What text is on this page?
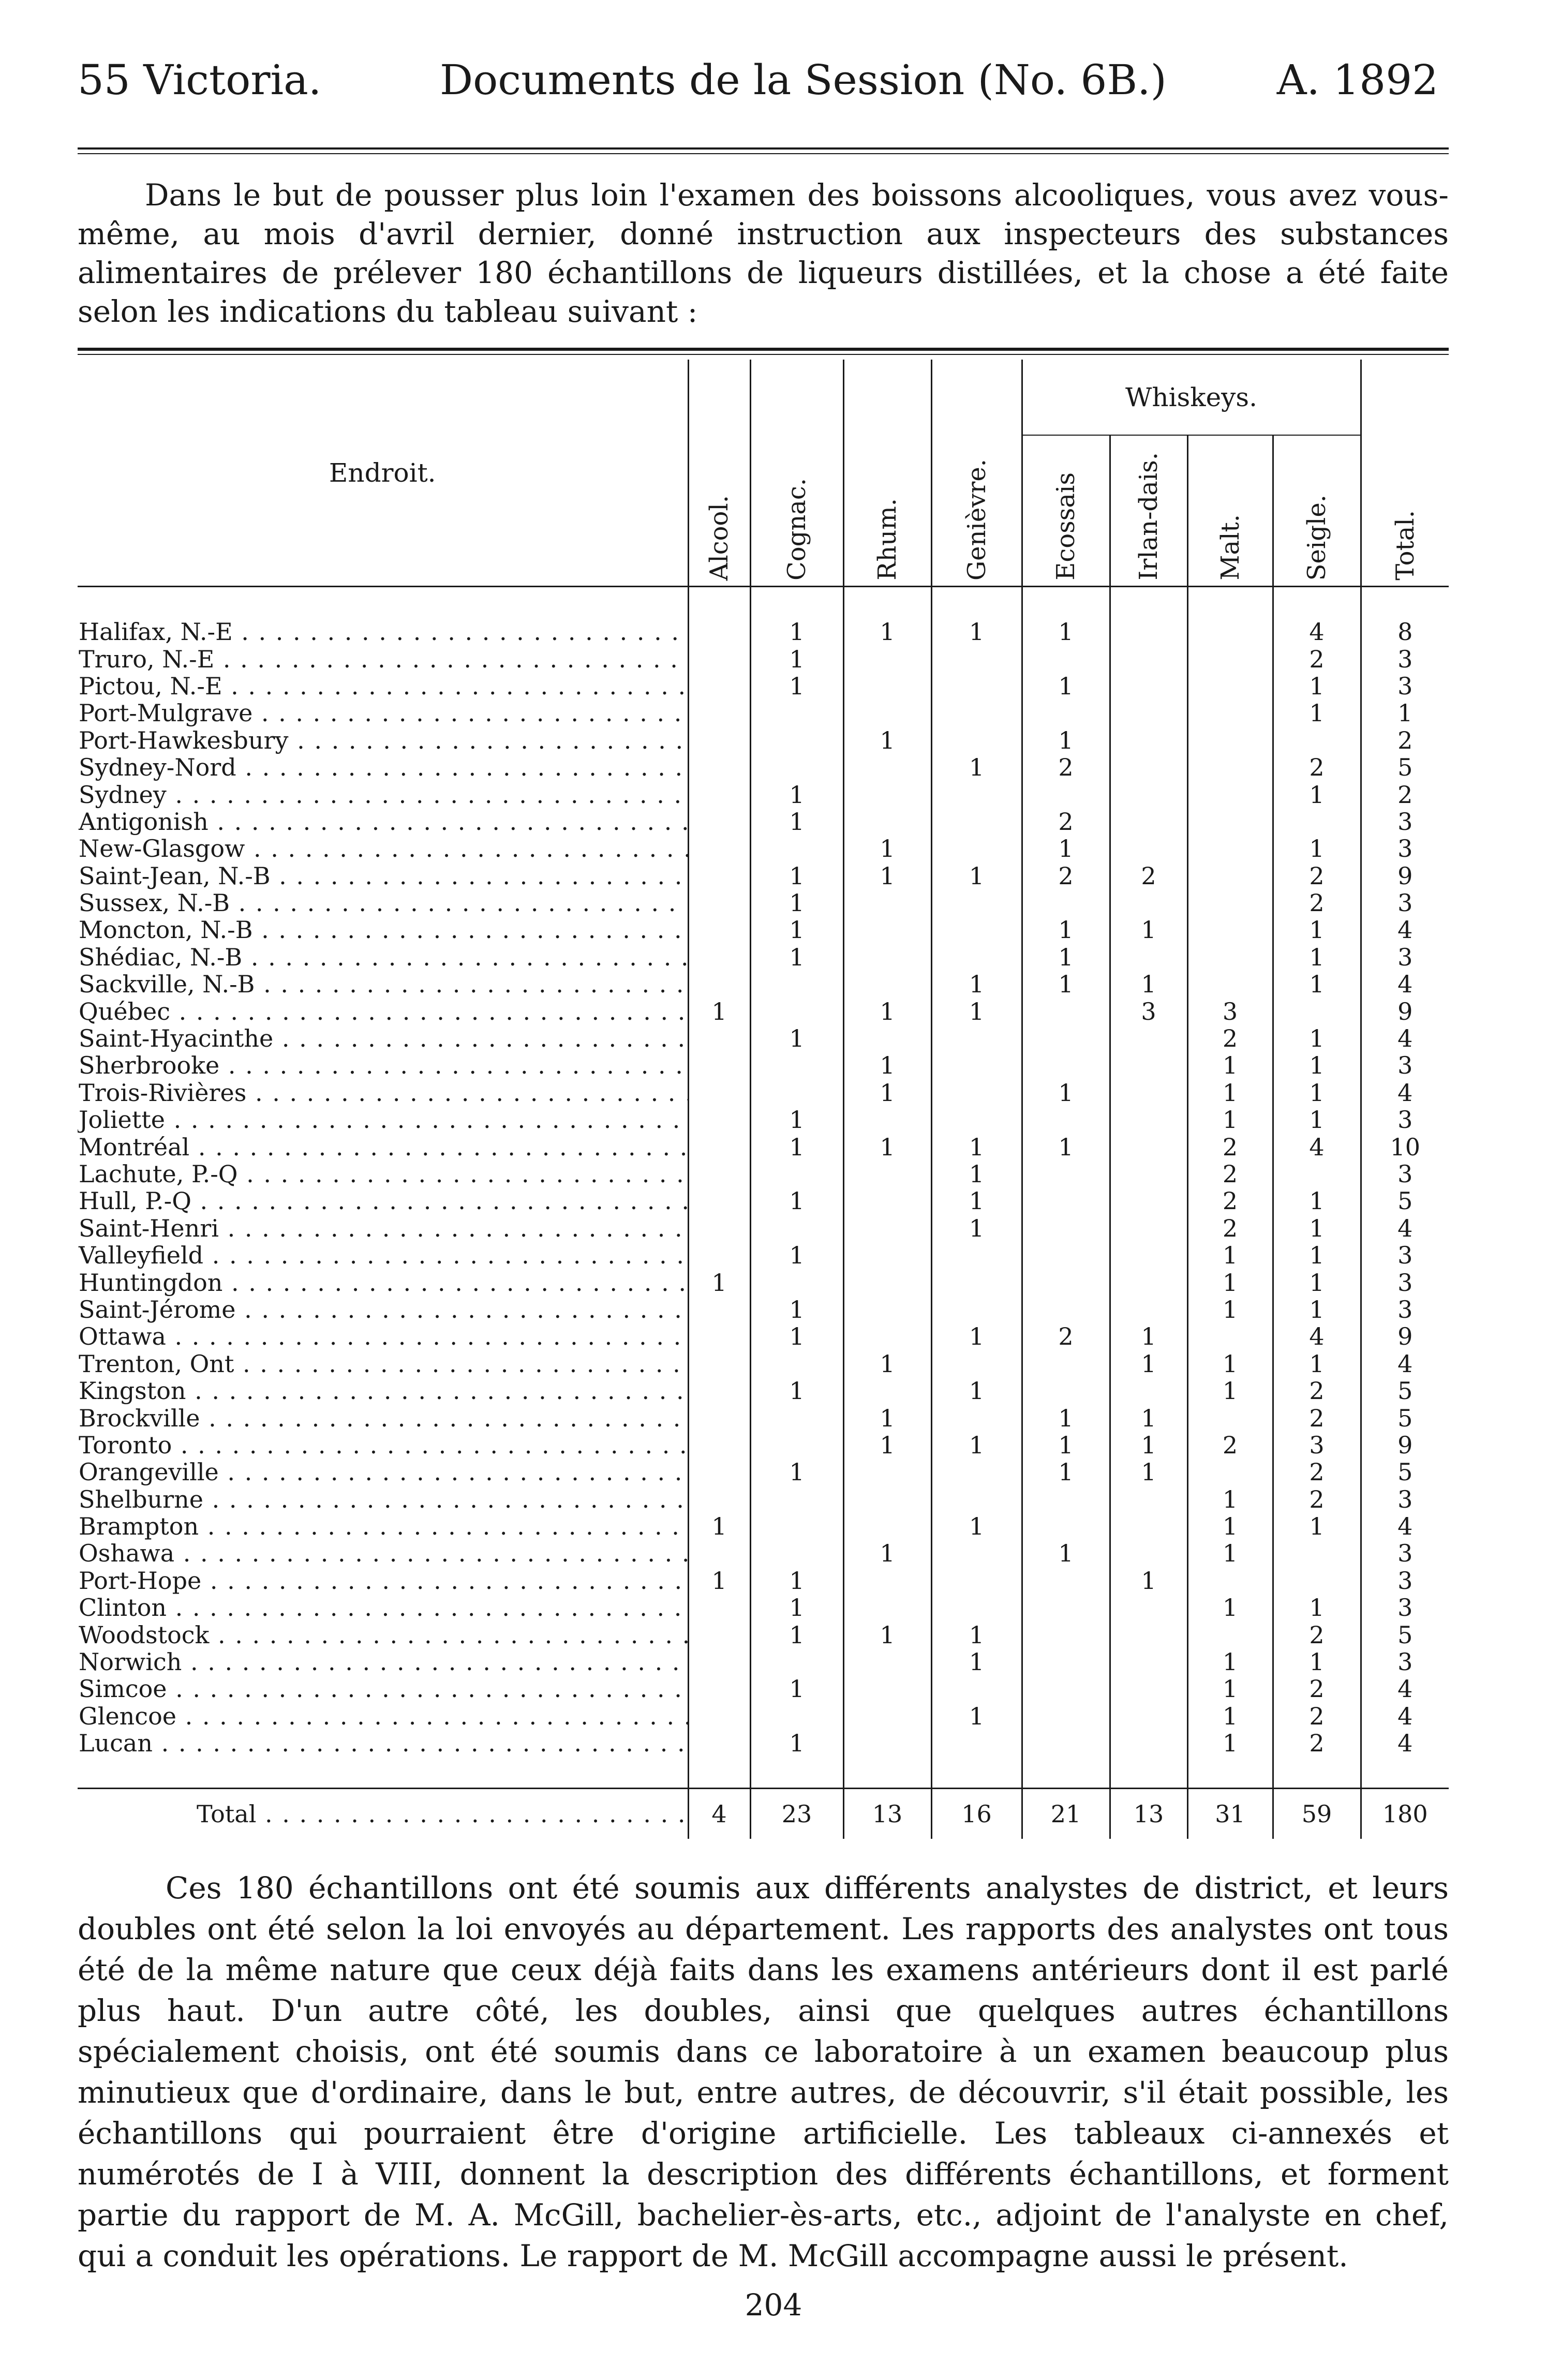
55 Victoria.	Documents de la Session (No. 6B.)	A. 1892

Dans le but de pousser plus loin l'examen des boissons alcooliques, vous avez vous-même, au mois d'avril dernier, donné instruction aux inspecteurs des substances alimentaires de prélever 180 échantillons de liqueurs distillées, et la chose a été faite selon les indications du tableau suivant :

Endroit.	Alcool.	Cognac.	Rhum.	Genièvre.	Whiskeys.				Total.
					Ecossais	Irlan-dais.	Malt.	Seigle.	

Halifax, N.-E . . .		1	1	1	1			4	8
Truro, N.-E . . .		1						2	3
Pictou, N.-E . . .		1			1			1	3
Port-Mulgrave . . .								1	1
Port-Hawkesbury . . .			1		1				2
Sydney-Nord . . .				1	2			2	5
Sydney . . .		1						1	2
Antigonish . . .		1			2				3
New-Glasgow . . .			1		1			1	3
Saint-Jean, N.-B . . .		1	1	1	2	2		2	9
Sussex, N.-B . . .		1						2	3
Moncton, N.-B . . .		1			1	1		1	4
Shédiac, N.-B . . .		1			1			1	3
Sackville, N.-B . . .				1	1	1		1	4
Québec . . .	1		1	1		3	3		9
Saint-Hyacinthe . . .		1					2	1	4
Sherbrooke . . .			1				1	1	3
Trois-Rivières . . .			1		1		1	1	4
Joliette . . .		1					1	1	3
Montréal . . .		1	1	1	1		2	4	10
Lachute, P.-Q . . .				1			2		3
Hull, P.-Q . . .		1		1			2	1	5
Saint-Henri . . .				1			2	1	4
Valleyfield . . .		1					1	1	3
Huntingdon . . .	1						1	1	3
Saint-Jérome . . .		1					1	1	3
Ottawa . . .		1		1	2	1		4	9
Trenton, Ont . . .			1			1	1	1	4
Kingston . . .		1		1			1	2	5
Brockville . . .			1		1	1		2	5
Toronto . . .			1	1	1	1	2	3	9
Orangeville . . .		1			1	1		2	5
Shelburne . . .							1	2	3
Brampton . . .	1			1			1	1	4
Oshawa . . .			1		1		1		3
Port-Hope . . .	1	1				1			3
Clinton . . .		1					1	1	3
Woodstock . . .		1	1	1				2	5
Norwich . . .				1			1	1	3
Simcoe . . .		1					1	2	4
Glencoe . . .				1			1	2	4
Lucan . . .		1					1	2	4

Total . . .	4	23	13	16	21	13	31	59	180

Ces 180 échantillons ont été soumis aux différents analystes de district, et leurs doubles ont été selon la loi envoyés au département. Les rapports des analystes ont tous été de la même nature que ceux déjà faits dans les examens antérieurs dont il est parlé plus haut. D'un autre côté, les doubles, ainsi que quelques autres échantillons spécialement choisis, ont été soumis dans ce laboratoire à un examen beaucoup plus minutieux que d'ordinaire, dans le but, entre autres, de découvrir, s'il était possible, les échantillons qui pourraient être d'origine artificielle. Les tableaux ci-annexés et numérotés de I à VIII, donnent la description des différents échantillons, et forment partie du rapport de M. A. McGill, bachelier-ès-arts, etc., adjoint de l'analyste en chef, qui a conduit les opérations. Le rapport de M. McGill accompagne aussi le présent.

204
